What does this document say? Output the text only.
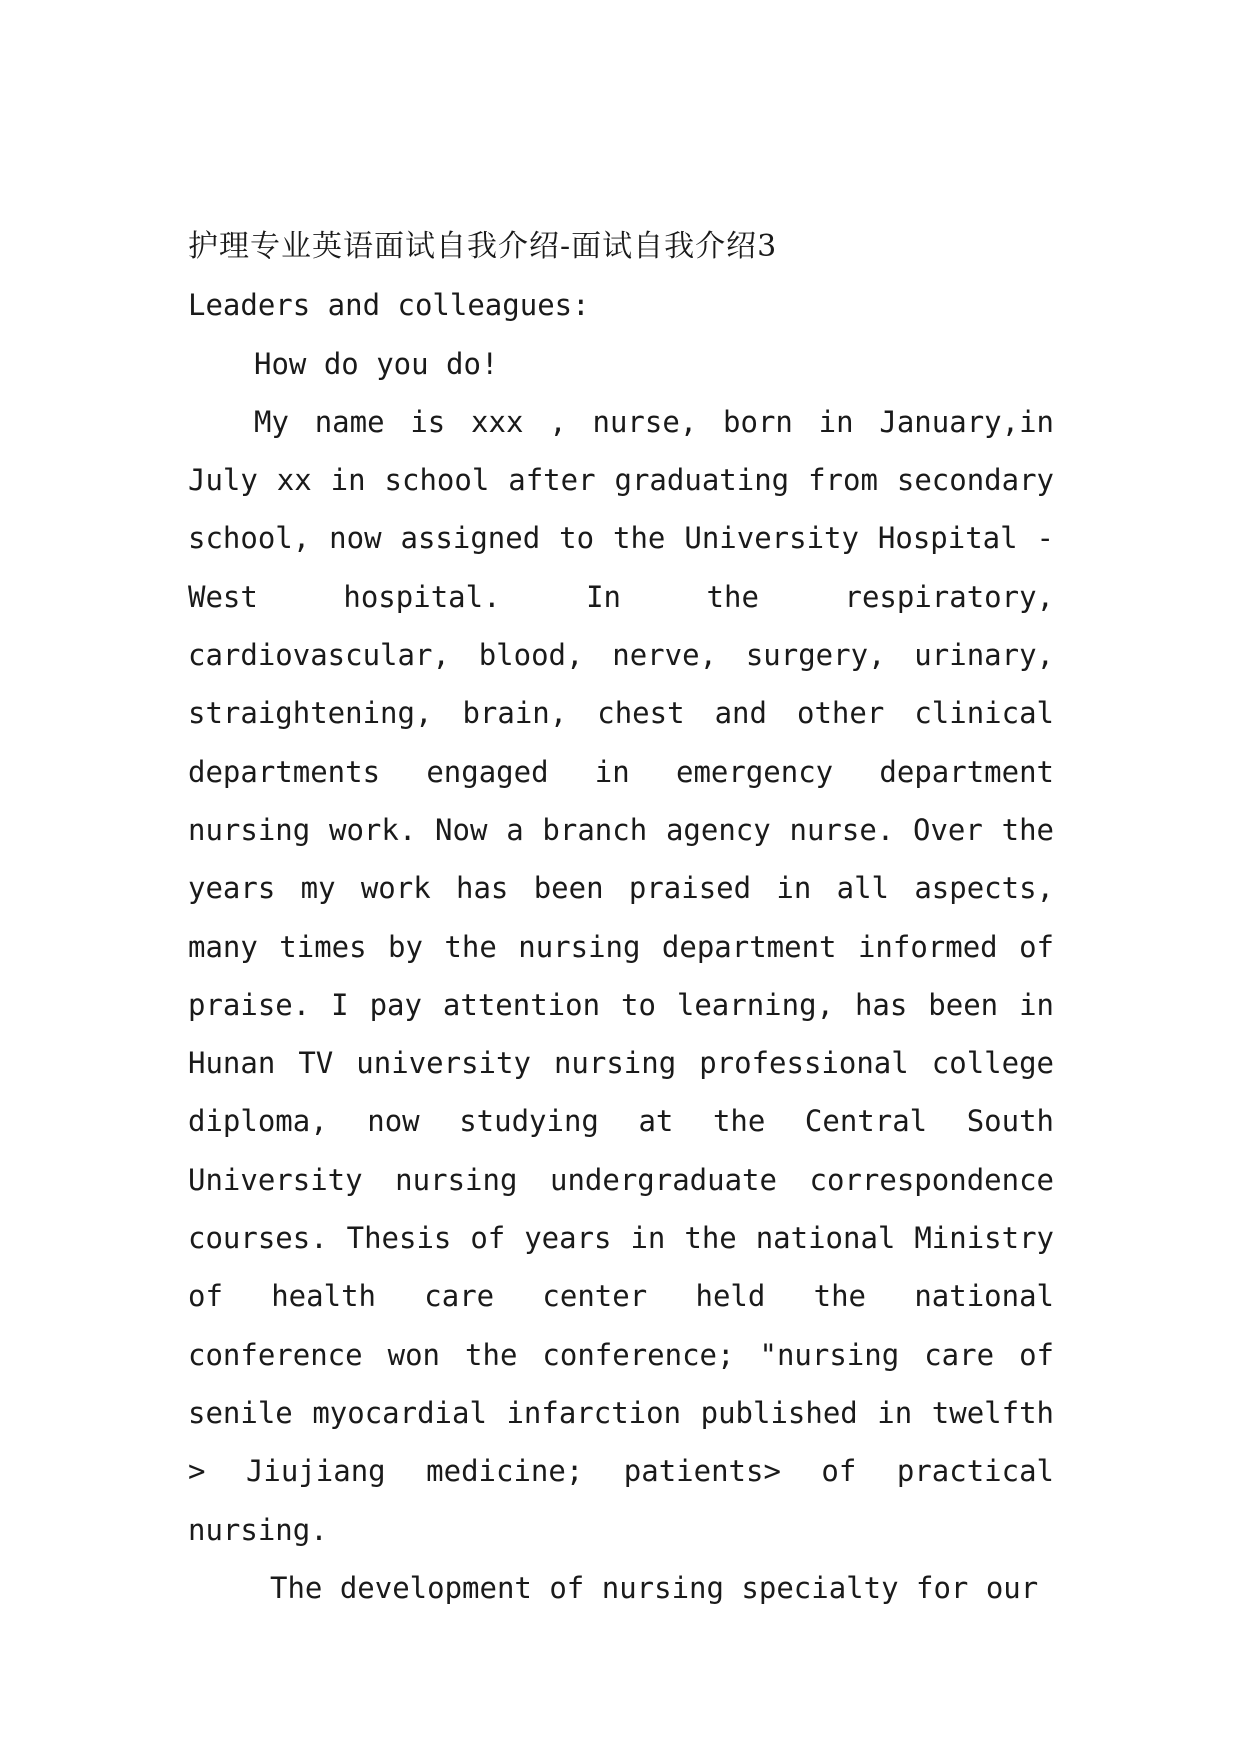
护理专业英语面试自我介绍-面试自我介绍3

Leaders and colleagues:

How do you do!

My name is xxx , nurse, born in January,in July xx in school after graduating from secondary school, now assigned to the University Hospital - West hospital. In the respiratory, cardiovascular, blood, nerve, surgery, urinary, straightening, brain, chest and other clinical departments engaged in emergency department nursing work. Now a branch agency nurse. Over the years my work has been praised in all aspects, many times by the nursing department informed of praise. I pay attention to learning, has been in Hunan TV university nursing professional college diploma, now studying at the Central South University nursing undergraduate correspondence courses. Thesis of years in the national Ministry of health care center held the national conference won the conference; "nursing care of senile myocardial infarction published in twelfth > Jiujiang medicine; patients> of practical nursing.

The development of nursing specialty for our
